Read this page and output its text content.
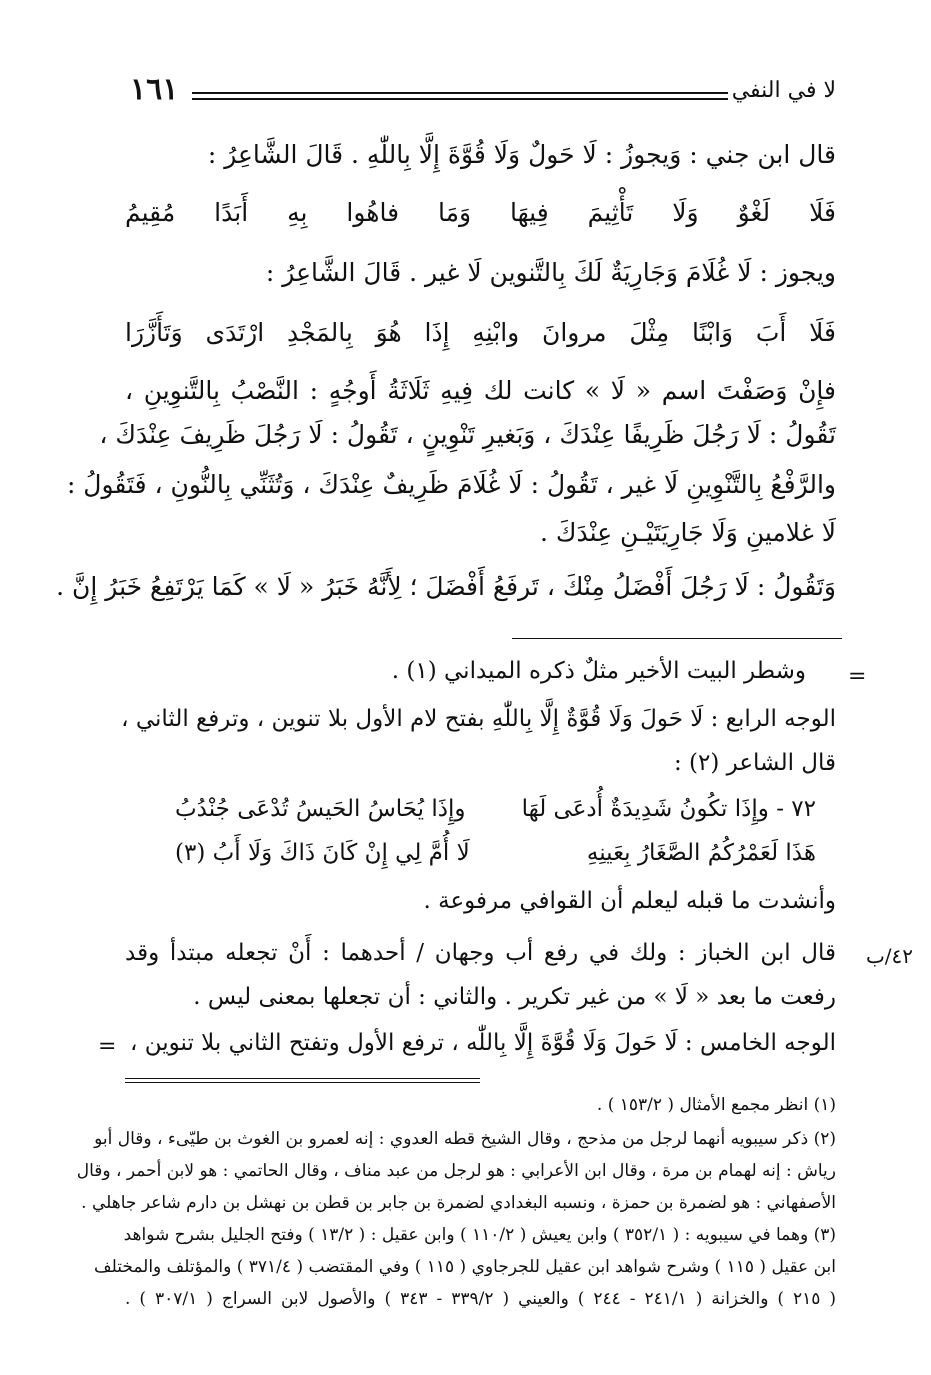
١٦١	لا في النفي
قال ابن جني : وَيجوزُ : لَا حَولٌ وَلَا قُوَّةَ إِلَّا بِاللّٰهِ . قَالَ الشَّاعِرُ :
فَلَا لَغْوٌ وَلَا تَأْثِيمَ فِيهَا وَمَا فاهُوا بِهِ أَبَدًا مُقِيمُ
ويجوز : لَا غُلَامَ وَجَارِيَةٌ لَكَ بِالتَّنوين لَا غير . قَالَ الشَّاعِرُ :
فَلَا أَبَ وَابْنًا مِثْلَ مروانَ وابْنِهِ إِذَا هُوَ بِالمَجْدِ ارْتَدَى وَتَأَزَّرَا
فإِنْ وَصَفْتَ اسم « لَا » كانت لك فِيهِ ثَلَاثَةُ أَوجُهٍ : النَّصْبُ بِالتَّنوِينِ ،
تَقُولُ : لَا رَجُلَ ظَرِيفًا عِنْدَكَ ، وَبَغيرِ تَنْوِينٍ ، تَقُولُ : لَا رَجُلَ ظَرِيفَ عِنْدَكَ ،
والرَّفْعُ بِالتَّنْوِينِ لَا غير ، تَقُولُ : لَا غُلَامَ ظَرِيفٌ عِنْدَكَ ، وَتُثَنِّي بِالنُّونِ ، فَتَقُولُ :
لَا غلامينِ وَلَا جَارِيَتَيْـنِ عِنْدَكَ .
وَتَقُولُ : لَا رَجُلَ أَفْضَلُ مِنْكَ ، تَرفَعُ أَفْضَلَ ؛ لِأَنَّهُ خَبَرُ « لَا » كَمَا يَرْتَفِعُ خَبَرُ إِنَّ .
=
وشطر البيت الأخير مثلٌ ذكره الميداني (١) .
الوجه الرابع : لَا حَولَ وَلَا قُوَّةٌ إِلَّا بِاللّٰهِ بفتح لام الأول بلا تنوين ، وترفع الثاني ،
قال الشاعر (٢) :
٧٢ - وإِذَا تكُونُ شَدِيدَةٌ أُدعَى لَهَا
وإِذَا يُحَاسُ الحَيسُ تُدْعَى جُنْدُبُ
هَذَا لَعَمْرُكُمُ الصَّغَارُ بِعَينِهِ
لَا أُمَّ لِي إِنْ كَانَ ذَاكَ وَلَا أَبُ (٣)
وأنشدت ما قبله ليعلم أن القوافي مرفوعة .
قال ابن الخباز : ولك في رفع أب وجهان / أحدهما : أَنْ تجعله مبتدأ وقد
رفعت ما بعد « لَا » من غير تكرير . والثاني : أن تجعلها بمعنى ليس .
الوجه الخامس : لَا حَولَ وَلَا قُوَّةَ إِلَّا بِاللّٰه ، ترفع الأول وتفتح الثاني بلا تنوين ،
٤٢/ب
=
(١) انظر مجمع الأمثال ( ١٥٣/٢ ) .
(٢) ذكر سيبويه أنهما لرجل من مذحج ، وقال الشيخ قطه العدوي : إنه لعمرو بن الغوث بن طيّىء ، وقال أبو
رياش : إنه لهمام بن مرة ، وقال ابن الأعرابي : هو لرجل من عبد مناف ، وقال الحاتمي : هو لابن أحمر ، وقال
الأصفهاني : هو لضمرة بن حمزة ، ونسبه البغدادي لضمرة بن جابر بن قطن بن نهشل بن دارم شاعر جاهلي .
(٣) وهما في سيبويه : ( ٣٥٢/١ ) وابن يعيش ( ١١٠/٢ ) وابن عقيل : ( ١٣/٢ ) وفتح الجليل بشرح شواهد
ابن عقيل ( ١١٥ ) وشرح شواهد ابن عقيل للجرجاوي ( ١١٥ ) وفي المقتضب ( ٣٧١/٤ ) والمؤتلف والمختلف
( ٢١٥ ) والخزانة ( ٢٤١/١ - ٢٤٤ ) والعيني ( ٣٣٩/٢ - ٣٤٣ ) والأصول لابن السراج ( ٣٠٧/١ ) .
